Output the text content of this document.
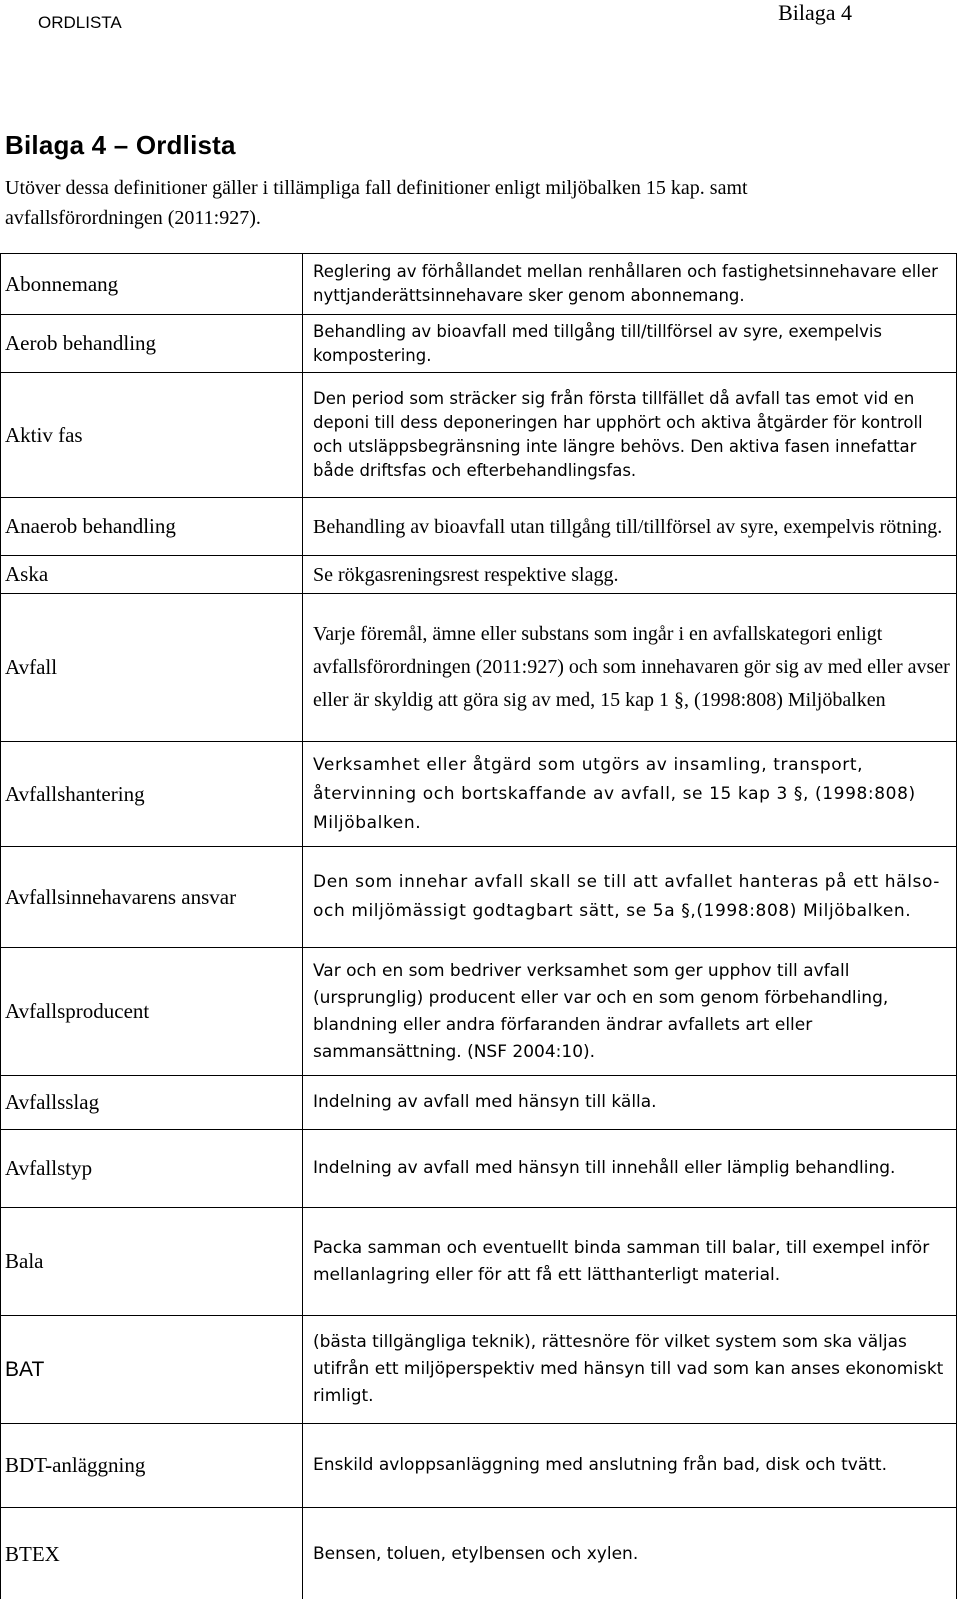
ORDLISTA	Bilaga 4
Bilaga 4 – Ordlista
Utöver dessa definitioner gäller i tillämpliga fall definitioner enligt miljöbalken 15 kap. samt avfallsförordningen (2011:927).
Abonnemang	Reglering av förhållandet mellan renhållaren och fastighetsinnehavare eller nyttjanderättsinnehavare sker genom abonnemang.
Aerob behandling	Behandling av bioavfall med tillgång till/tillförsel av syre, exempelvis kompostering.
Aktiv fas	Den period som sträcker sig från första tillfället då avfall tas emot vid en deponi till dess deponeringen har upphört och aktiva åtgärder för kontroll och utsläppsbegränsning inte längre behövs. Den aktiva fasen innefattar både driftsfas och efterbehandlingsfas.
Anaerob behandling	Behandling av bioavfall utan tillgång till/tillförsel av syre, exempelvis rötning.
Aska	Se rökgasreningsrest respektive slagg.
Avfall	Varje föremål, ämne eller substans som ingår i en avfallskategori enligt avfallsförordningen (2011:927) och som innehavaren gör sig av med eller avser eller är skyldig att göra sig av med, 15 kap 1 §, (1998:808) Miljöbalken
Avfallshantering	Verksamhet eller åtgärd som utgörs av insamling, transport, återvinning och bortskaffande av avfall, se 15 kap 3 §, (1998:808) Miljöbalken.
Avfallsinnehavarens ansvar	Den som innehar avfall skall se till att avfallet hanteras på ett hälso- och miljömässigt godtagbart sätt, se 5a §,(1998:808) Miljöbalken.
Avfallsproducent	Var och en som bedriver verksamhet som ger upphov till avfall (ursprunglig) producent eller var och en som genom förbehandling, blandning eller andra förfaranden ändrar avfallets art eller sammansättning. (NSF 2004:10).
Avfallsslag	Indelning av avfall med hänsyn till källa.
Avfallstyp	Indelning av avfall med hänsyn till innehåll eller lämplig behandling.
Bala	Packa samman och eventuellt binda samman till balar, till exempel inför mellanlagring eller för att få ett lätthanterligt material.
BAT	(bästa tillgängliga teknik), rättesnöre för vilket system som ska väljas utifrån ett miljöperspektiv med hänsyn till vad som kan anses ekonomiskt rimligt.
BDT-anläggning	Enskild avloppsanläggning med anslutning från bad, disk och tvätt.
BTEX	Bensen, toluen, etylbensen och xylen.
